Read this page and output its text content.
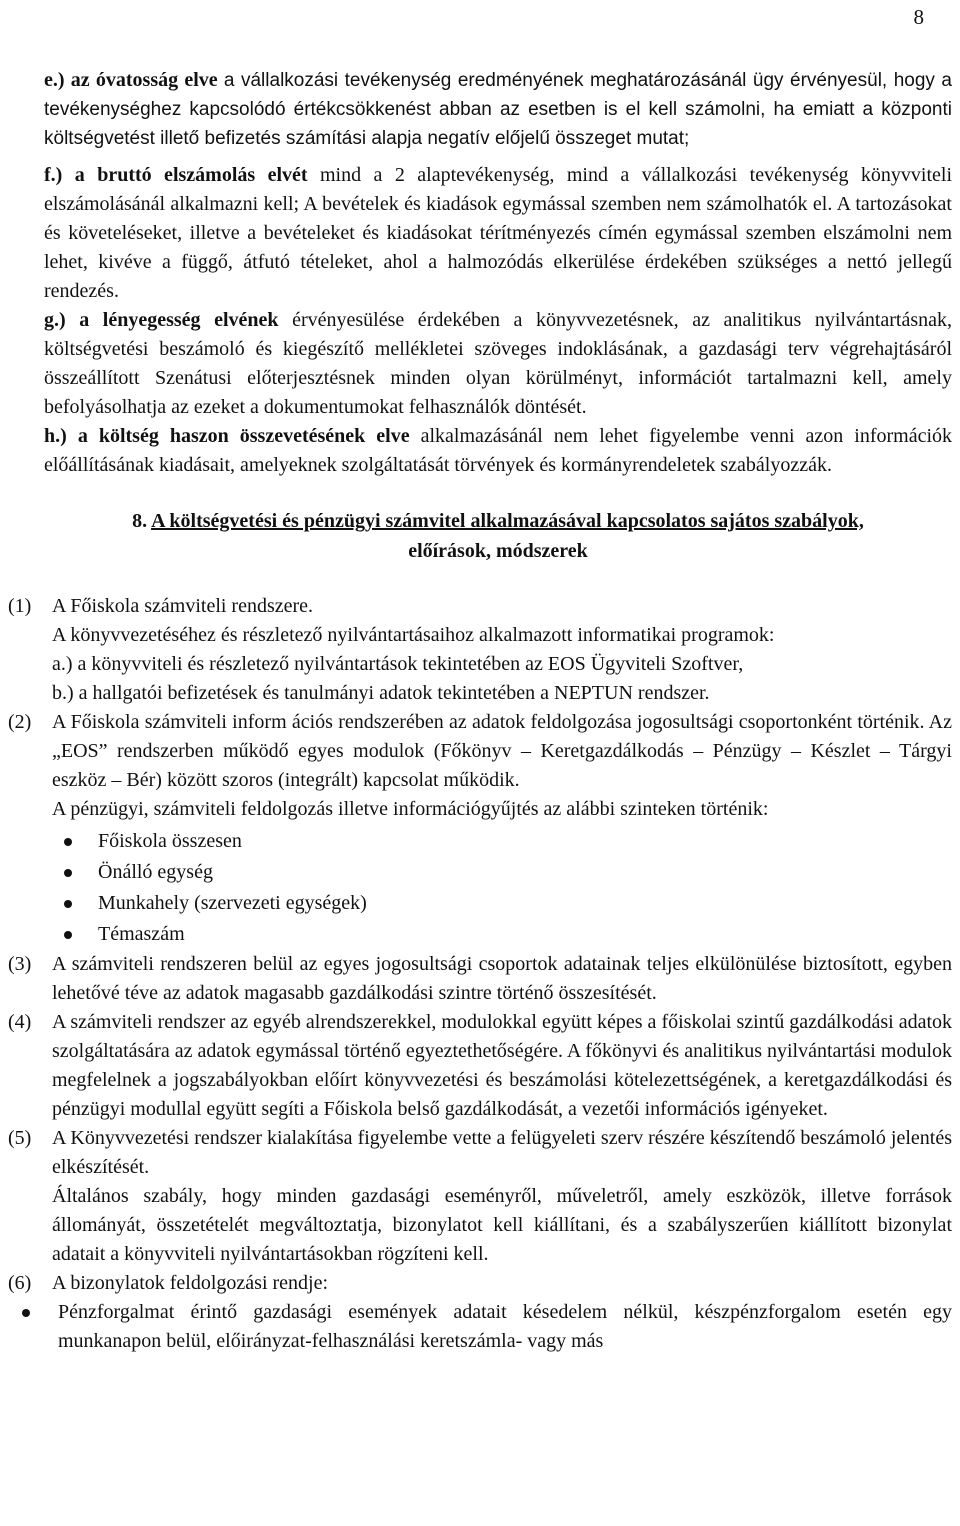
8

e.) az óvatosság elve a vállalkozási tevékenység eredményének meghatározásánál ügy érvényesül, hogy a tevékenységhez kapcsolódó értékcsökkenést abban az esetben is el kell számolni, ha emiatt a központi költségvetést illető befizetés számítási alapja negatív előjelű összeget mutat;

f.) a bruttó elszámolás elvét mind a 2 alaptevékenység, mind a vállalkozási tevékenység könyvviteli elszámolásánál alkalmazni kell; A bevételek és kiadások egymással szemben nem számolhatók el. A tartozásokat és követeléseket, illetve a bevételeket és kiadásokat térítményezés címén egymással szemben elszámolni nem lehet, kivéve a függő, átfutó tételeket, ahol a halmozódás elkerülése érdekében szükséges a nettó jellegű rendezés.

g.) a lényegesség elvének érvényesülése érdekében a könyvvezetésnek, az analitikus nyilvántartásnak, költségvetési beszámoló és kiegészítő mellékletei szöveges indoklásának, a gazdasági terv végrehajtásáról összeállított Szenátusi előterjesztésnek minden olyan körülményt, információt tartalmazni kell, amely befolyásolhatja az ezeket a dokumentumokat felhasználók döntését.

h.) a költség haszon összevetésének elve alkalmazásánál nem lehet figyelembe venni azon információk előállításának kiadásait, amelyeknek szolgáltatását törvények és kormányrendeletek szabályozzák.

8. A költségvetési és pénzügyi számvitel alkalmazásával kapcsolatos sajátos szabályok,
előírások, módszerek
(1)	A Főiskola számviteli rendszere.

A könyvvezetéséhez és részletező nyilvántartásaihoz alkalmazott informatikai programok:

a.) a könyvviteli és részletező nyilvántartások tekintetében az EOS Ügyviteli Szoftver,

b.) a hallgatói befizetések és tanulmányi adatok tekintetében a NEPTUN rendszer.

(2)	A Főiskola számviteli inform ációs rendszerében az adatok feldolgozása jogosultsági csoportonként történik. Az „EOS” rendszerben működő egyes modulok (Főkönyv – Keretgazdálkodás – Pénzügy – Készlet – Tárgyi eszköz – Bér) között szoros (integrált) kapcsolat működik.

A pénzügyi, számviteli feldolgozás illetve információgyűjtés az alábbi szinteken történik:

Főiskola összesen
Önálló egység
Munkahely (szervezeti egységek)
Témaszám
(3)	A számviteli rendszeren belül az egyes jogosultsági csoportok adatainak teljes elkülönülése biztosított, egyben lehetővé téve az adatok magasabb gazdálkodási szintre történő összesítését.

(4)	A számviteli rendszer az egyéb alrendszerekkel, modulokkal együtt képes a főiskolai szintű gazdálkodási adatok szolgáltatására az adatok egymással történő egyeztethetőségére. A főkönyvi és analitikus nyilvántartási modulok megfelelnek a jogszabályokban előírt könyvvezetési és beszámolási kötelezettségének, a keretgazdálkodási és pénzügyi modullal együtt segíti a Főiskola belső gazdálkodását, a vezetői információs igényeket.

(5)	A Könyvvezetési rendszer kialakítása figyelembe vette a felügyeleti szerv részére készítendő beszámoló jelentés elkészítését.

Általános szabály, hogy minden gazdasági eseményről, műveletről, amely eszközök, illetve források állományát, összetételét megváltoztatja, bizonylatot kell kiállítani, és a szabályszerűen kiállított bizonylat adatait a könyvviteli nyilvántartásokban rögzíteni kell.

(6)	A bizonylatok feldolgozási rendje:

Pénzforgalmat érintő gazdasági események adatait késedelem nélkül, készpénzforgalom esetén egy munkanapon belül, előirányzat-felhasználási keretszámla- vagy más
